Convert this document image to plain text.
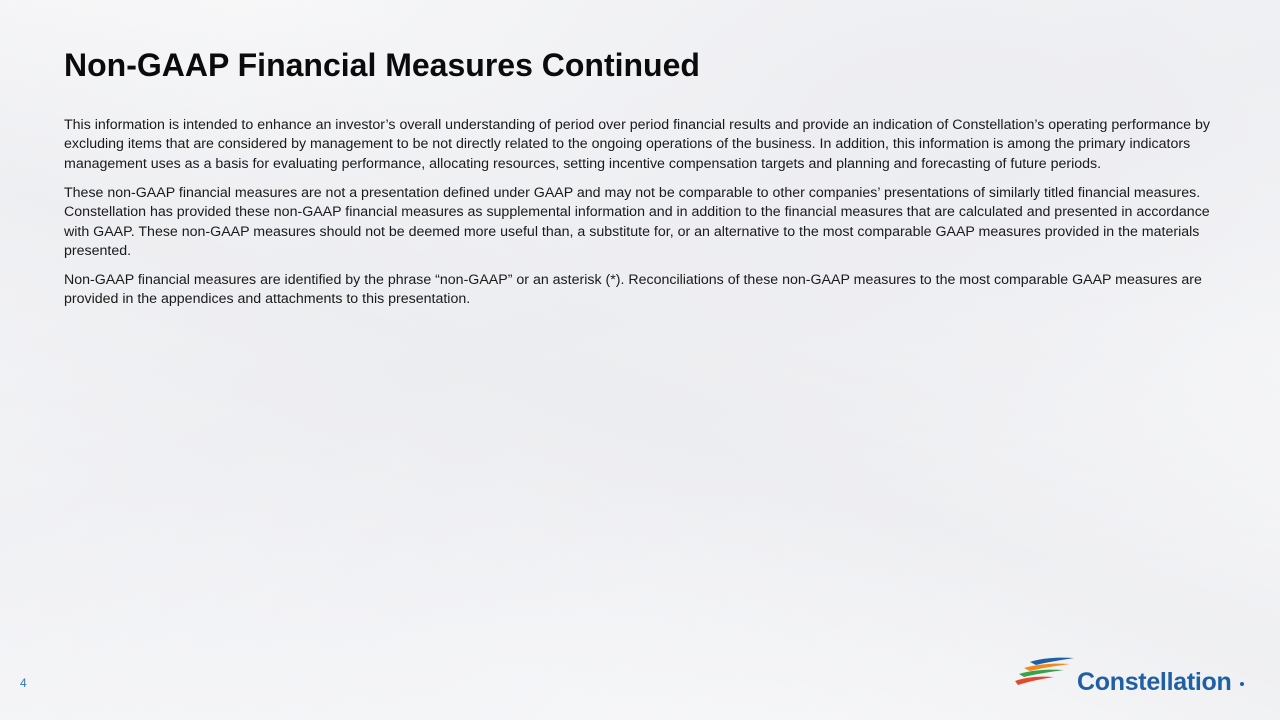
Non-GAAP Financial Measures Continued

This information is intended to enhance an investor’s overall understanding of period over period financial results and provide an indication of Constellation’s operating performance by excluding items that are considered by management to be not directly related to the ongoing operations of the business. In addition, this information is among the primary indicators management uses as a basis for evaluating performance, allocating resources, setting incentive compensation targets and planning and forecasting of future periods.

These non-GAAP financial measures are not a presentation defined under GAAP and may not be comparable to other companies’ presentations of similarly titled financial measures. Constellation has provided these non-GAAP financial measures as supplemental information and in addition to the financial measures that are calculated and presented in accordance with GAAP. These non-GAAP measures should not be deemed more useful than, a substitute for, or an alternative to the most comparable GAAP measures provided in the materials presented.

Non-GAAP financial measures are identified by the phrase “non-GAAP” or an asterisk (*). Reconciliations of these non-GAAP measures to the most comparable GAAP measures are provided in the appendices and attachments to this presentation.

4	Constellation
